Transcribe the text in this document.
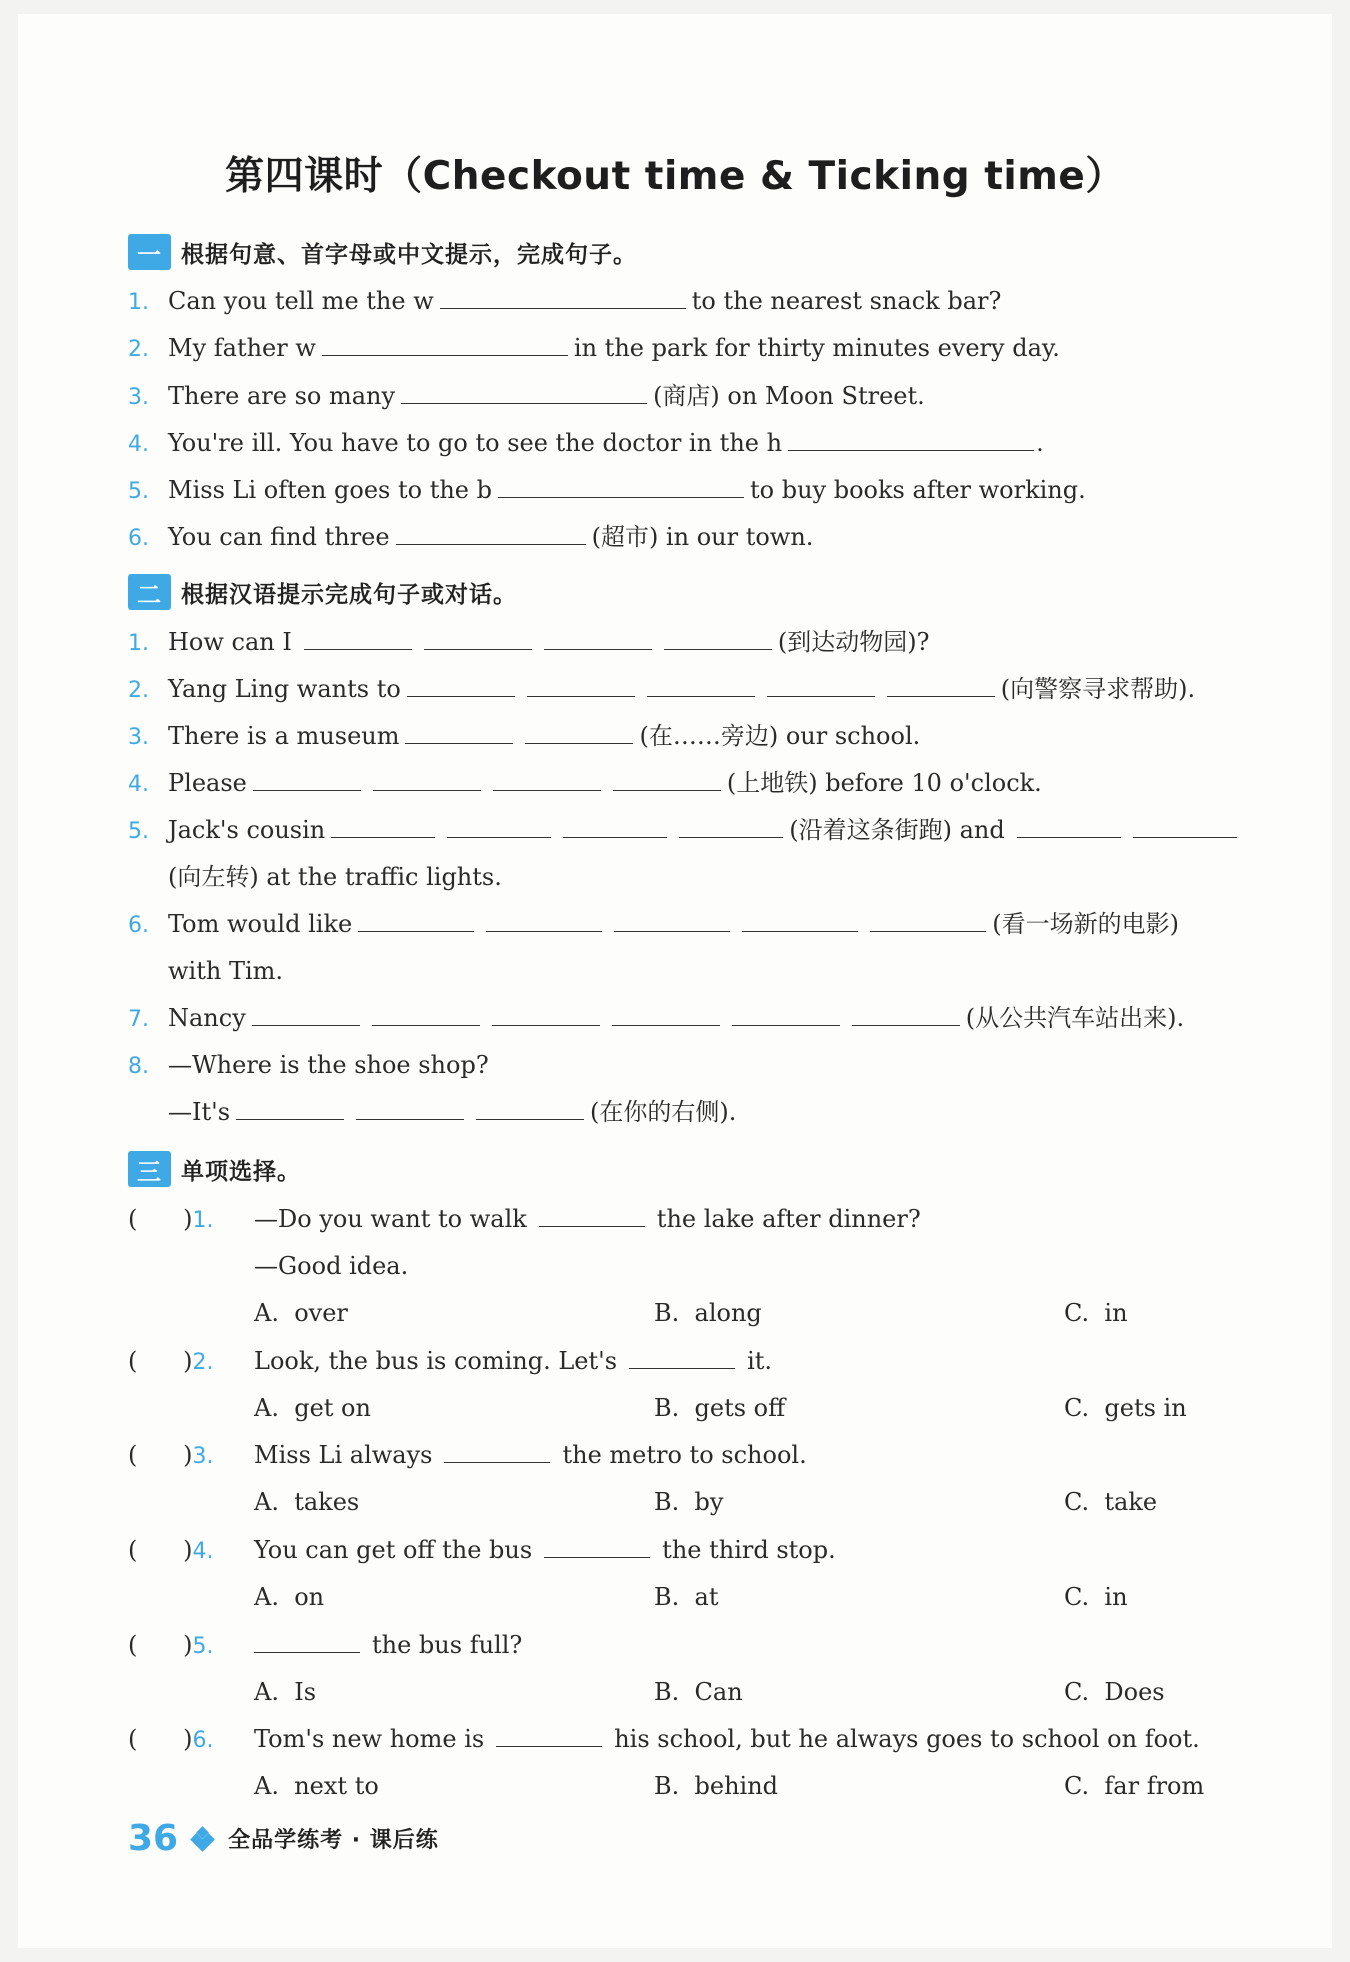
第四课时（Checkout time & Ticking time）
一 根据句意、首字母或中文提示，完成句子。
1. Can you tell me the w	to the nearest snack bar?
2. My father w	in the park for thirty minutes every day.
3. There are so many	(商店) on Moon Street.
4. You're ill. You have to go to see the doctor in the h	.
5. Miss Li often goes to the b	to buy books after working.
6. You can find three	(超市) in our town.
二 根据汉语提示完成句子或对话。
1. How can I	(到达动物园)?
2. Yang Ling wants to	(向警察寻求帮助).
3. There is a museum	(在……旁边) our school.
4. Please	(上地铁) before 10 o'clock.
5. Jack's cousin	(沿着这条街跑) and
(向左转) at the traffic lights.
6. Tom would like	(看一场新的电影)
with Tim.
7. Nancy	(从公共汽车站出来).
8. —Where is the shoe shop?
—It's	(在你的右侧).
三 单项选择。
( )1. —Do you want to walk	the lake after dinner?
—Good idea.
A.  over	B.  along	C.  in
( )2. Look, the bus is coming. Let's	it.
A.  get on	B.  gets off	C.  gets in
( )3. Miss Li always	the metro to school.
A.  takes	B.  by	C.  take
( )4. You can get off the bus	the third stop.
A.  on	B.  at	C.  in
( )5.	the bus full?
A.  Is	B.  Can	C.  Does
( )6. Tom's new home is	his school, but he always goes to school on foot.
A.  next to	B.  behind	C.  far from
36 全品学练考 · 课后练
